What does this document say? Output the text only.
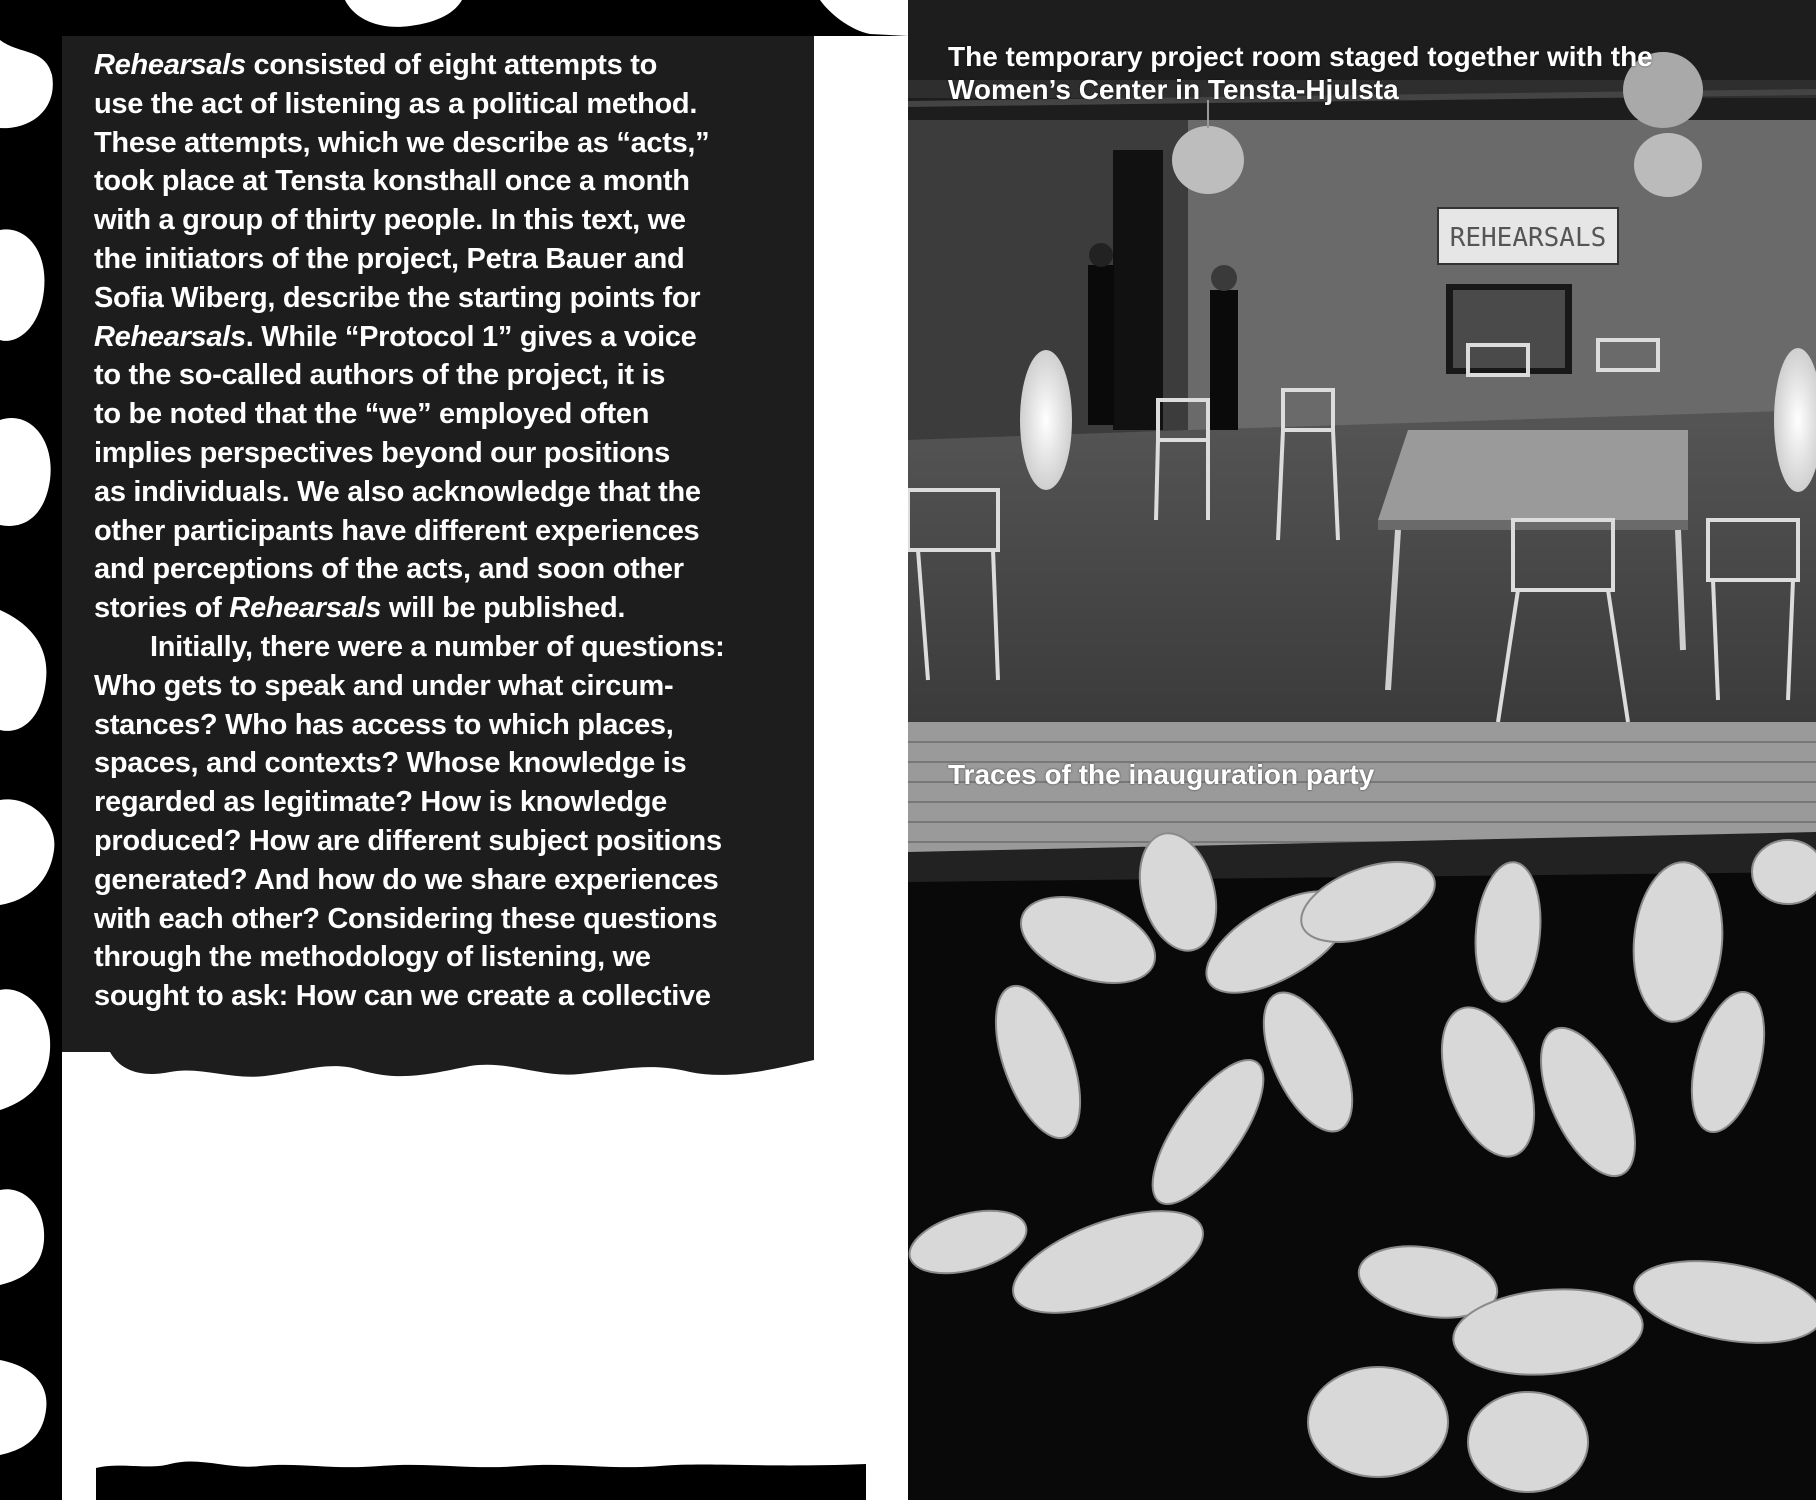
Rehearsals consisted of eight attempts to
use the act of listening as a political method.
These attempts, which we describe as “acts,”
took place at Tensta konsthall once a month
with a group of thirty people. In this text, we
the initiators of the project, Petra Bauer and
Sofia Wiberg, describe the starting points for
Rehearsals. While “Protocol 1” gives a voice
to the so-called authors of the project, it is
to be noted that the “we” employed often
implies perspectives beyond our positions
as individuals. We also acknowledge that the
other participants have different experiences
and perceptions of the acts, and soon other
stories of Rehearsals will be published.
Initially, there were a number of questions:
Who gets to speak and under what circum-
stances? Who has access to which places,
spaces, and contexts? Whose knowledge is
regarded as legitimate? How is knowledge
produced? How are different subject positions
generated? And how do we share experiences
with each other? Considering these questions
through the methodology of listening, we
sought to ask: How can we create a collective
REHEARSALS
The temporary project room staged together with the
Women’s Center in Tensta-Hjulsta
Traces of the inauguration party
